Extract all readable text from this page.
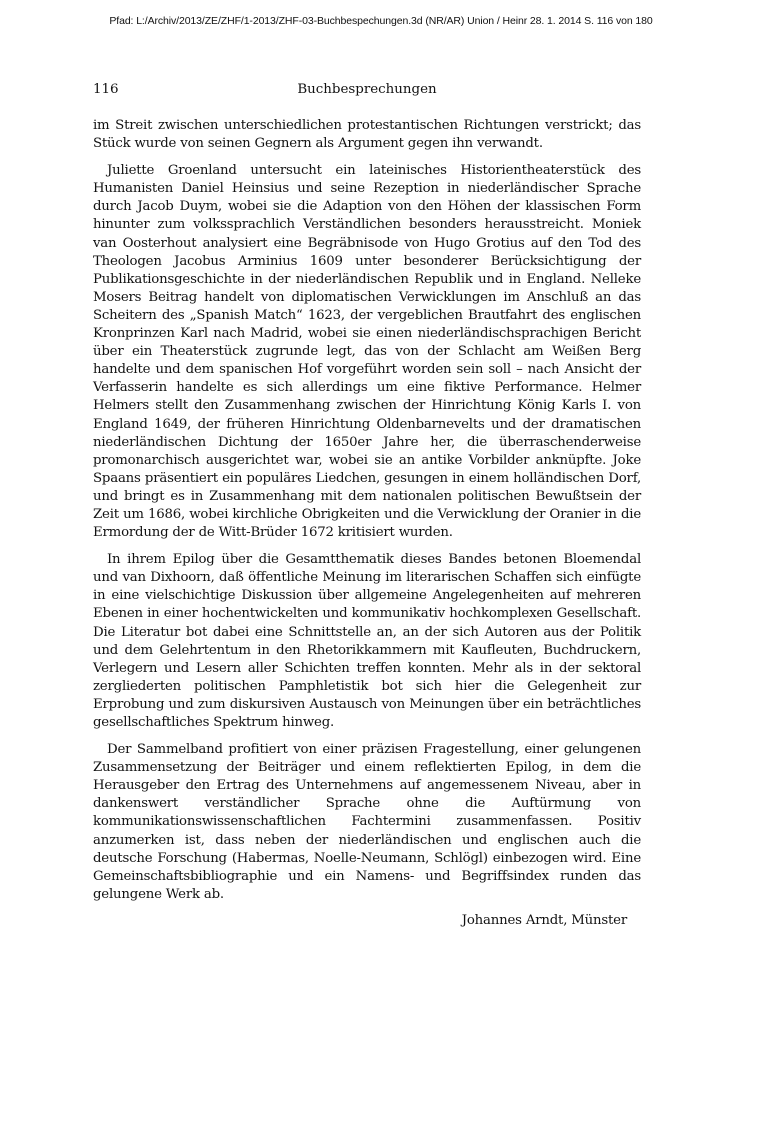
Pfad: L:/Archiv/2013/ZE/ZHF/1-2013/ZHF-03-Buchbespechungen.3d (NR/AR) Union / Heinr 28. 1. 2014 S. 116 von 180
116	Buchbesprechungen

im Streit zwischen unterschiedlichen protestantischen Richtungen verstrickt; das Stück wurde von seinen Gegnern als Argument gegen ihn verwandt.

Juliette Groenland untersucht ein lateinisches Historientheaterstück des Humanisten Daniel Heinsius und seine Rezeption in niederländischer Sprache durch Jacob Duym, wobei sie die Adaption von den Höhen der klassischen Form hinunter zum volkssprachlich Verständlichen besonders herausstreicht. Moniek van Oosterhout analysiert eine Begräbnisode von Hugo Grotius auf den Tod des Theologen Jacobus Arminius 1609 unter besonderer Berücksichtigung der Publikationsgeschichte in der niederländischen Republik und in England. Nelleke Mosers Beitrag handelt von diplomatischen Verwicklungen im Anschluß an das Scheitern des „Spanish Match“ 1623, der vergeblichen Brautfahrt des englischen Kronprinzen Karl nach Madrid, wobei sie einen niederländischsprachigen Bericht über ein Theaterstück zugrunde legt, das von der Schlacht am Weißen Berg handelte und dem spanischen Hof vorgeführt worden sein soll – nach Ansicht der Verfasserin handelte es sich allerdings um eine fiktive Performance. Helmer Helmers stellt den Zusammenhang zwischen der Hinrichtung König Karls I. von England 1649, der früheren Hinrichtung Oldenbarnevelts und der dramatischen niederländischen Dichtung der 1650er Jahre her, die überraschenderweise promonarchisch ausgerichtet war, wobei sie an antike Vorbilder anknüpfte. Joke Spaans präsentiert ein populäres Liedchen, gesungen in einem holländischen Dorf, und bringt es in Zusammenhang mit dem nationalen politischen Bewußtsein der Zeit um 1686, wobei kirchliche Obrigkeiten und die Verwicklung der Oranier in die Ermordung der de Witt-Brüder 1672 kritisiert wurden.

In ihrem Epilog über die Gesamtthematik dieses Bandes betonen Bloemendal und van Dixhoorn, daß öffentliche Meinung im literarischen Schaffen sich einfügte in eine vielschichtige Diskussion über allgemeine Angelegenheiten auf mehreren Ebenen in einer hochentwickelten und kommunikativ hochkomplexen Gesellschaft. Die Literatur bot dabei eine Schnittstelle an, an der sich Autoren aus der Politik und dem Gelehrtentum in den Rhetorikkammern mit Kaufleuten, Buchdruckern, Verlegern und Lesern aller Schichten treffen konnten. Mehr als in der sektoral zergliederten politischen Pamphletistik bot sich hier die Gelegenheit zur Erprobung und zum diskursiven Austausch von Meinungen über ein beträchtliches gesellschaftliches Spektrum hinweg.

Der Sammelband profitiert von einer präzisen Fragestellung, einer gelungenen Zusammensetzung der Beiträger und einem reflektierten Epilog, in dem die Herausgeber den Ertrag des Unternehmens auf angemessenem Niveau, aber in dankenswert verständlicher Sprache ohne die Auftürmung von kommunikationswissenschaftlichen Fachtermini zusammenfassen. Positiv anzumerken ist, dass neben der niederländischen und englischen auch die deutsche Forschung (Habermas, Noelle-Neumann, Schlögl) einbezogen wird. Eine Gemeinschaftsbibliographie und ein Namens- und Begriffsindex runden das gelungene Werk ab.

Johannes Arndt, Münster
